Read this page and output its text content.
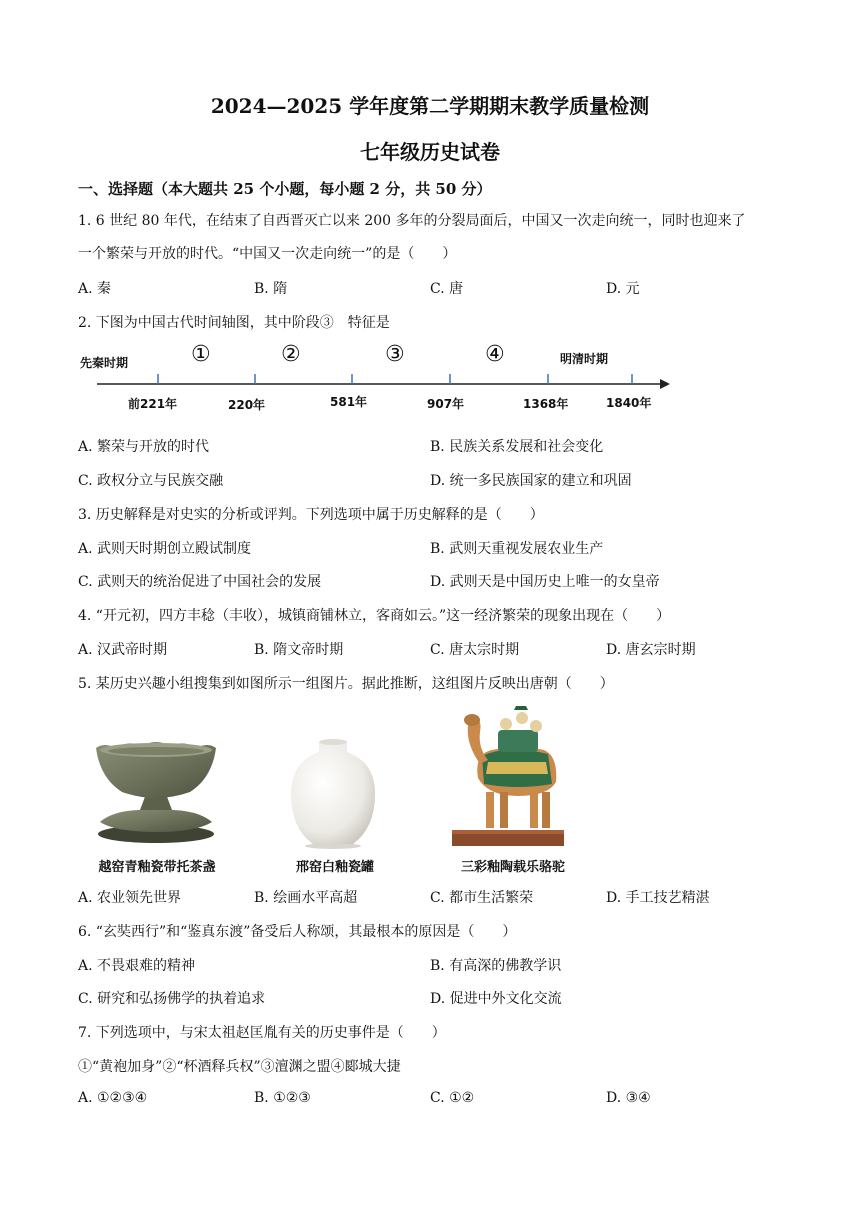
2024—2025 学年度第二学期期末教学质量检测
七年级历史试卷
一、选择题（本大题共 25 个小题，每小题 2 分，共 50 分）
1. 6 世纪 80 年代，在结束了自西晋灭亡以来 200 多年的分裂局面后，中国又一次走向统一，同时也迎来了
一个繁荣与开放的时代。“中国又一次走向统一”的是（　　）
A. 秦	B. 隋	C. 唐	D. 元
2. 下图为中国古代时间轴图，其中阶段③　特征是
先秦时期	①	②	③	④	明清时期
前221年	220年	581年	907年	1368年	1840年
A. 繁荣与开放的时代	B. 民族关系发展和社会变化
C. 政权分立与民族交融	D. 统一多民族国家的建立和巩固
3. 历史解释是对史实的分析或评判。下列选项中属于历史解释的是（　　）
A. 武则天时期创立殿试制度	B. 武则天重视发展农业生产
C. 武则天的统治促进了中国社会的发展	D. 武则天是中国历史上唯一的女皇帝
4. “开元初，四方丰稔（丰收），城镇商铺林立，客商如云。”这一经济繁荣的现象出现在（　　）
A. 汉武帝时期	B. 隋文帝时期	C. 唐太宗时期	D. 唐玄宗时期
5. 某历史兴趣小组搜集到如图所示一组图片。据此推断，这组图片反映出唐朝（　　）
越窑青釉瓷带托茶盏	邢窑白釉瓷罐	三彩釉陶载乐骆驼
A. 农业领先世界	B. 绘画水平高超	C. 都市生活繁荣	D. 手工技艺精湛
6. “玄奘西行”和“鉴真东渡”备受后人称颂，其最根本的原因是（　　）
A. 不畏艰难的精神	B. 有高深的佛教学识
C. 研究和弘扬佛学的执着追求	D. 促进中外文化交流
7. 下列选项中，与宋太祖赵匡胤有关的历史事件是（　　）
①“黄袍加身”②“杯酒释兵权”③澶渊之盟④郾城大捷
A. ①②③④	B. ①②③	C. ①②	D. ③④
